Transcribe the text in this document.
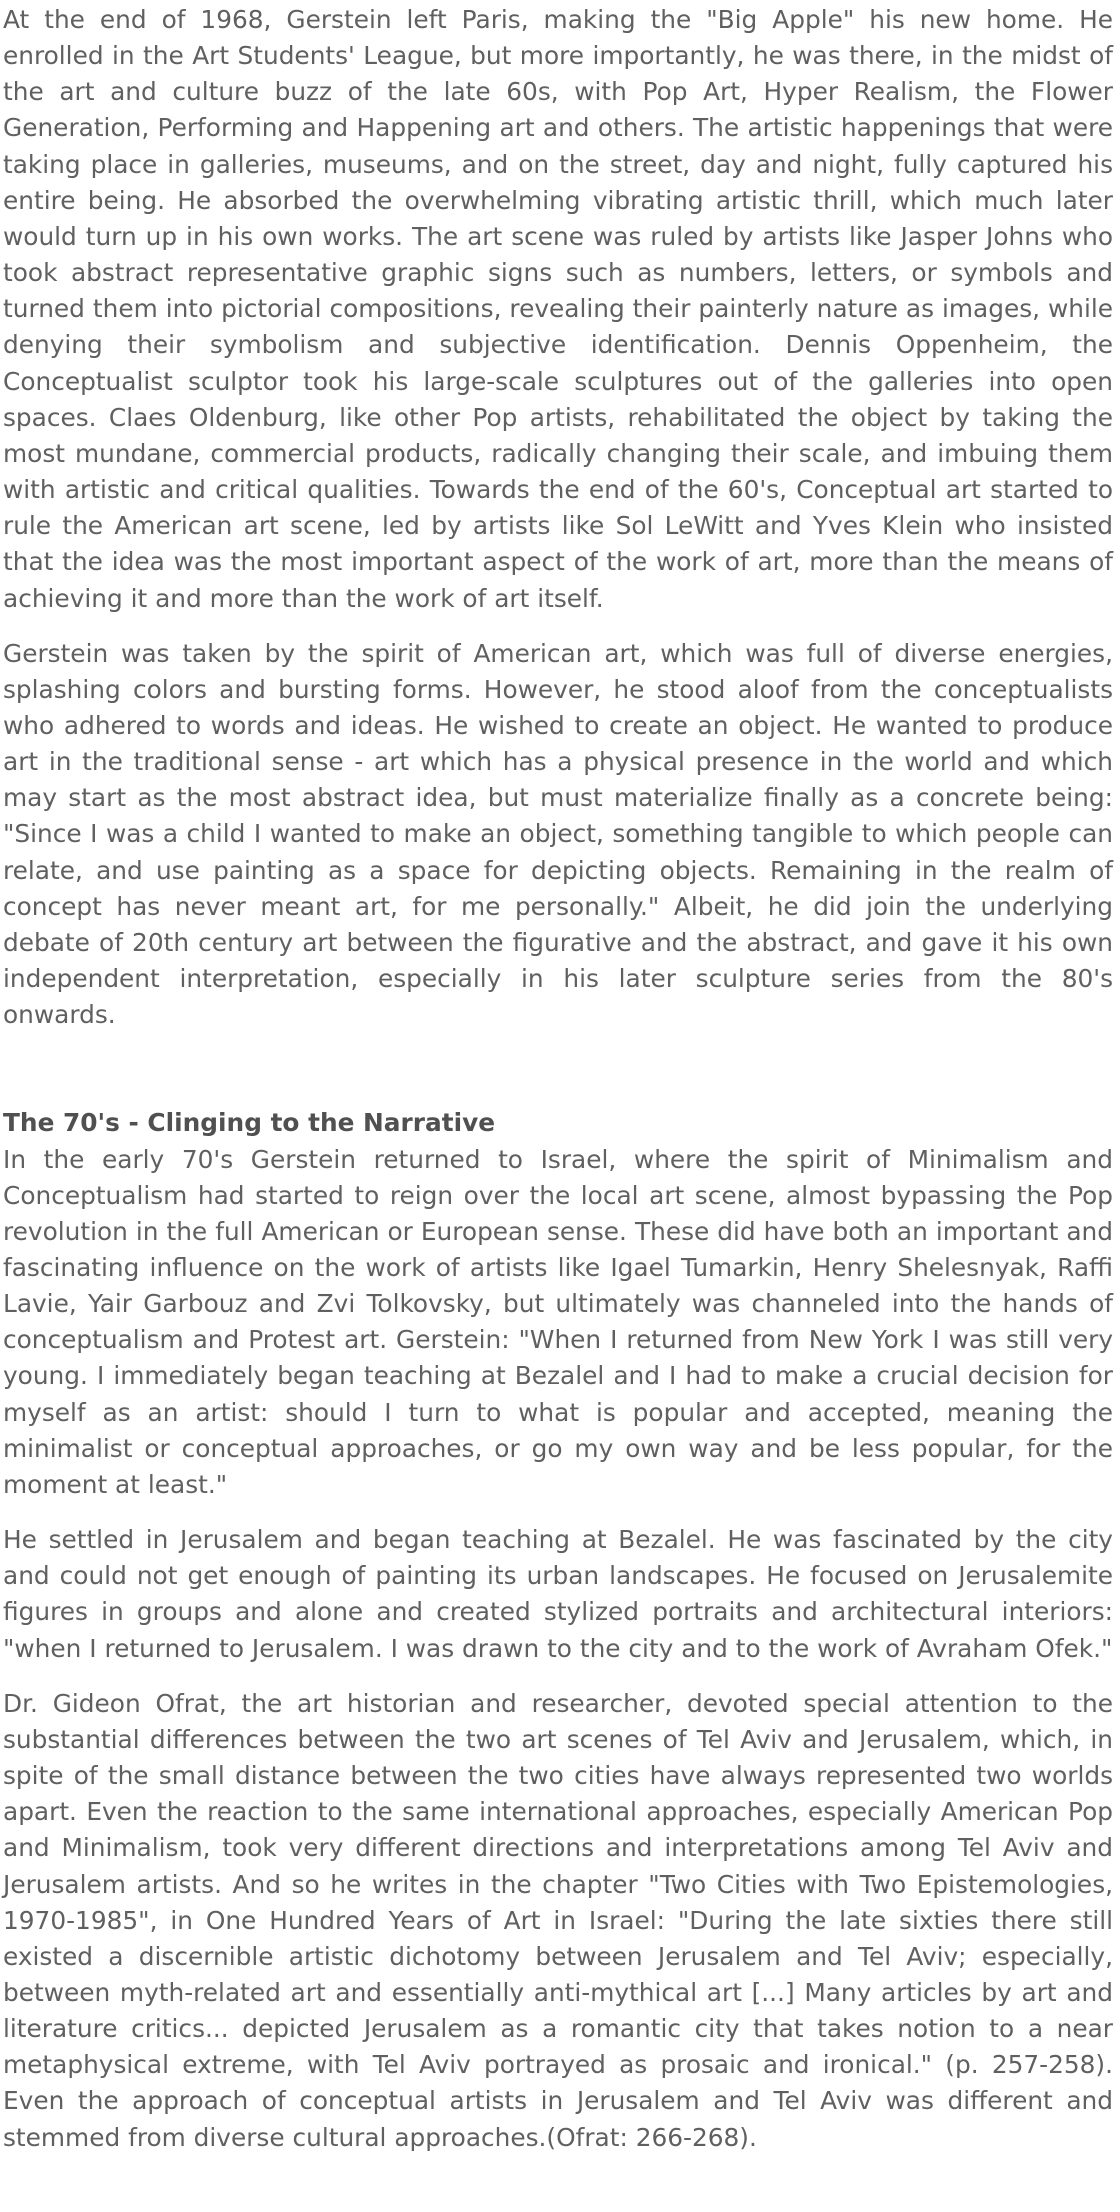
At the end of 1968, Gerstein left Paris, making the "Big Apple" his new home. He enrolled in the Art Students' League, but more importantly, he was there, in the midst of the art and culture buzz of the late 60s, with Pop Art, Hyper Realism, the Flower Generation, Performing and Happening art and others. The artistic happenings that were taking place in galleries, museums, and on the street, day and night, fully captured his entire being. He absorbed the overwhelming vibrating artistic thrill, which much later would turn up in his own works. The art scene was ruled by artists like Jasper Johns who took abstract representative graphic signs such as numbers, letters, or symbols and turned them into pictorial compositions, revealing their painterly nature as images, while denying their symbolism and subjective identification. Dennis Oppenheim, the Conceptualist sculptor took his large-scale sculptures out of the galleries into open spaces. Claes Oldenburg, like other Pop artists, rehabilitated the object by taking the most mundane, commercial products, radically changing their scale, and imbuing them with artistic and critical qualities. Towards the end of the 60's, Conceptual art started to rule the American art scene, led by artists like Sol LeWitt and Yves Klein who insisted that the idea was the most important aspect of the work of art, more than the means of achieving it and more than the work of art itself.

Gerstein was taken by the spirit of American art, which was full of diverse energies, splashing colors and bursting forms. However, he stood aloof from the conceptualists who adhered to words and ideas. He wished to create an object. He wanted to produce art in the traditional sense - art which has a physical presence in the world and which may start as the most abstract idea, but must materialize finally as a concrete being: "Since I was a child I wanted to make an object, something tangible to which people can relate, and use painting as a space for depicting objects. Remaining in the realm of concept has never meant art, for me personally." Albeit, he did join the underlying debate of 20th century art between the figurative and the abstract, and gave it his own independent interpretation, especially in his later sculpture series from the 80's onwards.

The 70's - Clinging to the Narrative

In the early 70's Gerstein returned to Israel, where the spirit of Minimalism and Conceptualism had started to reign over the local art scene, almost bypassing the Pop revolution in the full American or European sense. These did have both an important and fascinating influence on the work of artists like Igael Tumarkin, Henry Shelesnyak, Raffi Lavie, Yair Garbouz and Zvi Tolkovsky, but ultimately was channeled into the hands of conceptualism and Protest art. Gerstein: "When I returned from New York I was still very young. I immediately began teaching at Bezalel and I had to make a crucial decision for myself as an artist: should I turn to what is popular and accepted, meaning the minimalist or conceptual approaches, or go my own way and be less popular, for the moment at least."

He settled in Jerusalem and began teaching at Bezalel. He was fascinated by the city and could not get enough of painting its urban landscapes. He focused on Jerusalemite figures in groups and alone and created stylized portraits and architectural interiors: "when I returned to Jerusalem. I was drawn to the city and to the work of Avraham Ofek."

Dr. Gideon Ofrat, the art historian and researcher, devoted special attention to the substantial differences between the two art scenes of Tel Aviv and Jerusalem, which, in spite of the small distance between the two cities have always represented two worlds apart. Even the reaction to the same international approaches, especially American Pop and Minimalism, took very different directions and interpretations among Tel Aviv and Jerusalem artists. And so he writes in the chapter "Two Cities with Two Epistemologies, 1970-1985", in One Hundred Years of Art in Israel: "During the late sixties there still existed a discernible artistic dichotomy between Jerusalem and Tel Aviv; especially, between myth-related art and essentially anti-mythical art [...] Many articles by art and literature critics... depicted Jerusalem as a romantic city that takes notion to a near metaphysical extreme, with Tel Aviv portrayed as prosaic and ironical." (p. 257-258). Even the approach of conceptual artists in Jerusalem and Tel Aviv was different and stemmed from diverse cultural approaches.(Ofrat: 266-268).
